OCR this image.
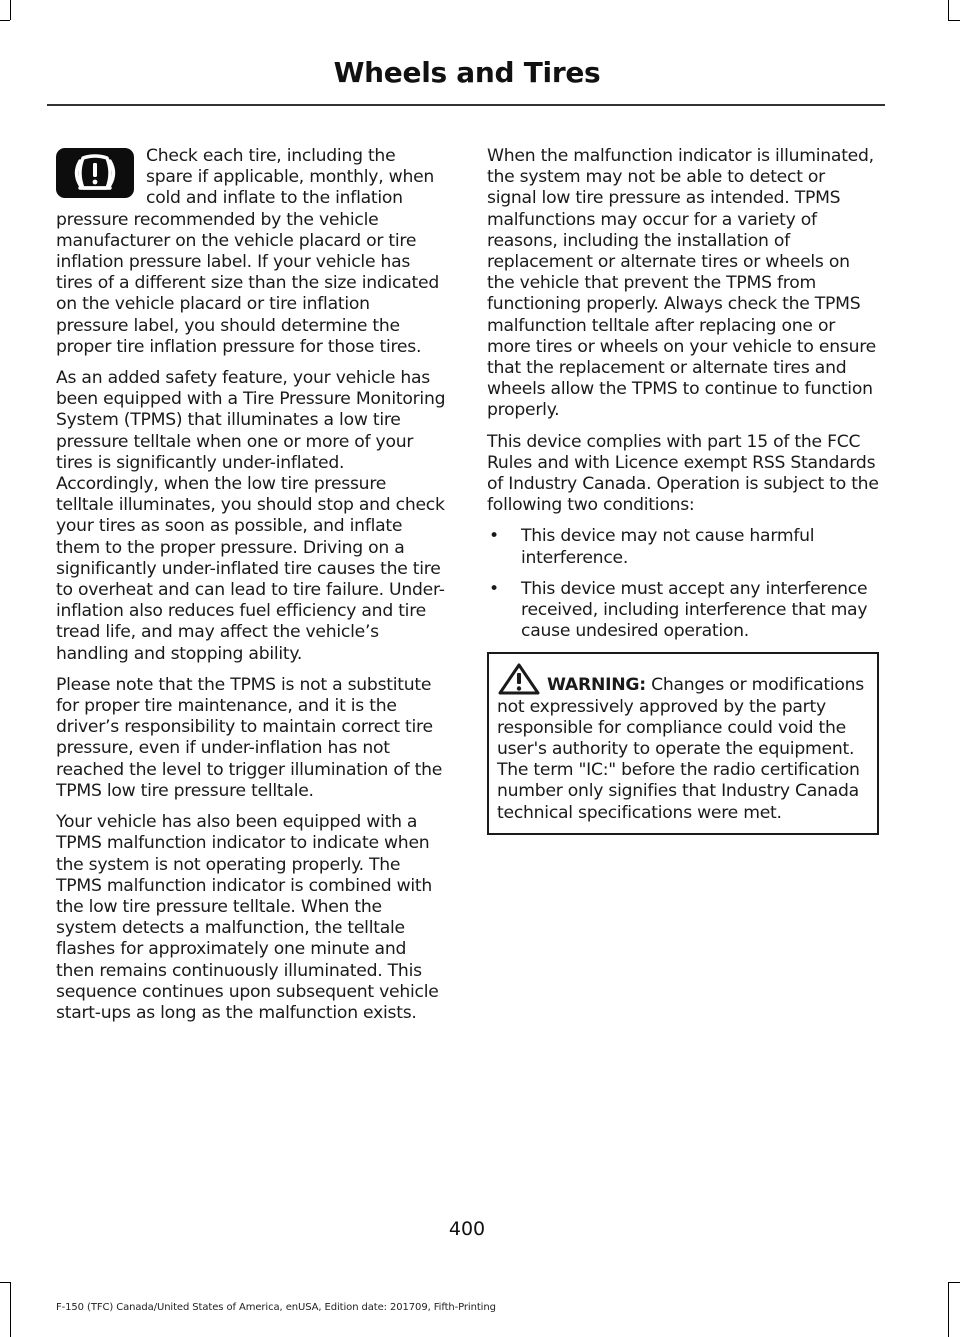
Wheels and Tires

Check each tire, including the spare if applicable, monthly, when cold and inflate to the inflation pressure recommended by the vehicle manufacturer on the vehicle placard or tire inflation pressure label. If your vehicle has tires of a different size than the size indicated on the vehicle placard or tire inflation pressure label, you should determine the proper tire inflation pressure for those tires.

As an added safety feature, your vehicle has been equipped with a Tire Pressure Monitoring System (TPMS) that illuminates a low tire pressure telltale when one or more of your tires is significantly under-inflated. Accordingly, when the low tire pressure telltale illuminates, you should stop and check your tires as soon as possible, and inflate them to the proper pressure. Driving on a significantly under-inflated tire causes the tire to overheat and can lead to tire failure. Under-inflation also reduces fuel efficiency and tire tread life, and may affect the vehicle’s handling and stopping ability.

Please note that the TPMS is not a substitute for proper tire maintenance, and it is the driver’s responsibility to maintain correct tire pressure, even if under-inflation has not reached the level to trigger illumination of the TPMS low tire pressure telltale.

Your vehicle has also been equipped with a TPMS malfunction indicator to indicate when the system is not operating properly. The TPMS malfunction indicator is combined with the low tire pressure telltale. When the system detects a malfunction, the telltale flashes for approximately one minute and then remains continuously illuminated. This sequence continues upon subsequent vehicle start-ups as long as the malfunction exists.

When the malfunction indicator is illuminated, the system may not be able to detect or signal low tire pressure as intended. TPMS malfunctions may occur for a variety of reasons, including the installation of replacement or alternate tires or wheels on the vehicle that prevent the TPMS from functioning properly. Always check the TPMS malfunction telltale after replacing one or more tires or wheels on your vehicle to ensure that the replacement or alternate tires and wheels allow the TPMS to continue to function properly.

This device complies with part 15 of the FCC Rules and with Licence exempt RSS Standards of Industry Canada. Operation is subject to the following two conditions:

• This device may not cause harmful interference.
• This device must accept any interference received, including interference that may cause undesired operation.
WARNING: Changes or modifications not expressively approved by the party responsible for compliance could void the user's authority to operate the equipment. The term "IC:" before the radio certification number only signifies that Industry Canada technical specifications were met.
400
F-150 (TFC) Canada/United States of America, enUSA, Edition date: 201709, Fifth-Printing
